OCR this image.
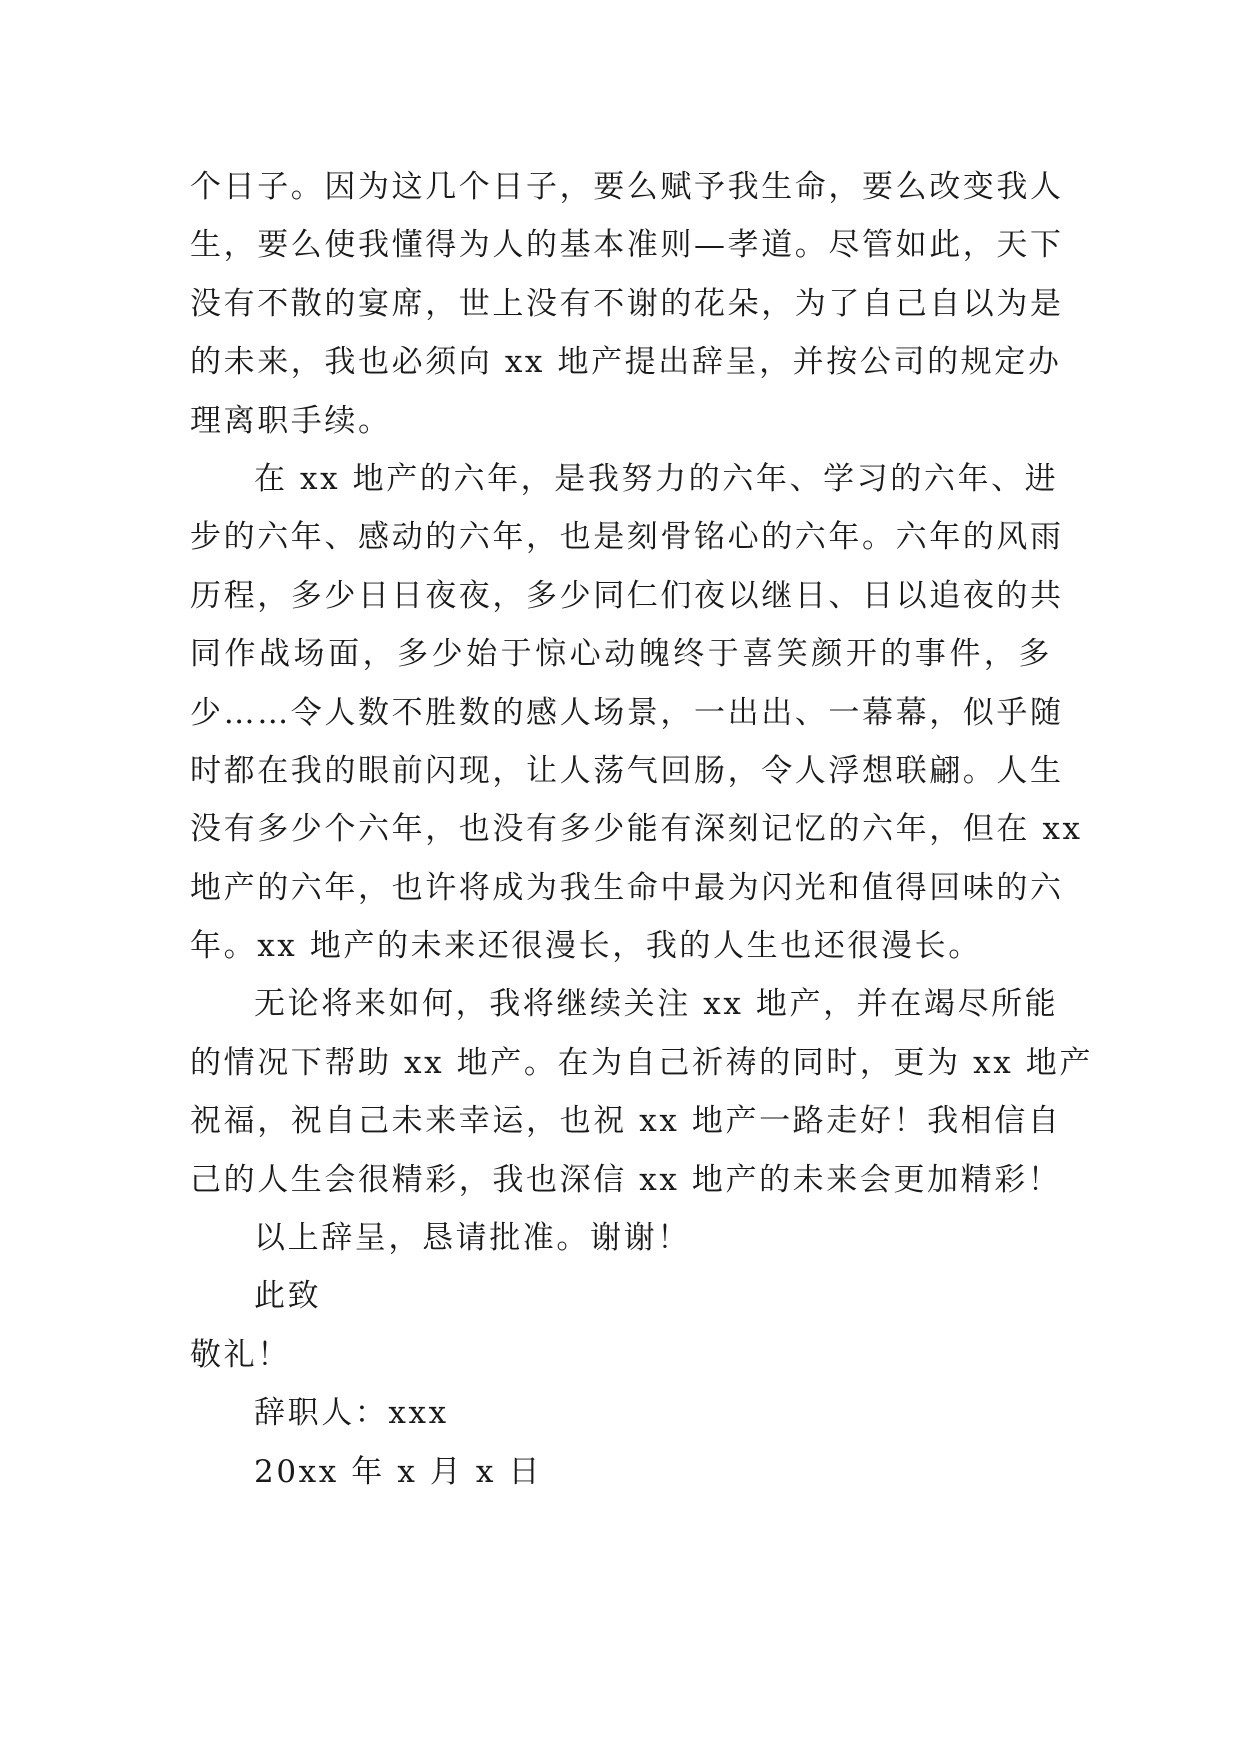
个日子。因为这几个日子，要么赋予我生命，要么改变我人
生，要么使我懂得为人的基本准则—孝道。尽管如此，天下
没有不散的宴席，世上没有不谢的花朵，为了自己自以为是
的未来，我也必须向 xx 地产提出辞呈，并按公司的规定办
理离职手续。
在 xx 地产的六年，是我努力的六年、学习的六年、进
步的六年、感动的六年，也是刻骨铭心的六年。六年的风雨
历程，多少日日夜夜，多少同仁们夜以继日、日以追夜的共
同作战场面，多少始于惊心动魄终于喜笑颜开的事件，多
少……令人数不胜数的感人场景，一出出、一幕幕，似乎随
时都在我的眼前闪现，让人荡气回肠，令人浮想联翩。人生
没有多少个六年，也没有多少能有深刻记忆的六年，但在 xx
地产的六年，也许将成为我生命中最为闪光和值得回味的六
年。xx 地产的未来还很漫长，我的人生也还很漫长。
无论将来如何，我将继续关注 xx 地产，并在竭尽所能
的情况下帮助 xx 地产。在为自己祈祷的同时，更为 xx 地产
祝福，祝自己未来幸运，也祝 xx 地产一路走好！我相信自
己的人生会很精彩，我也深信 xx 地产的未来会更加精彩！
以上辞呈，恳请批准。谢谢！
此致
敬礼！
辞职人：xxx
20xx 年 x 月 x 日
